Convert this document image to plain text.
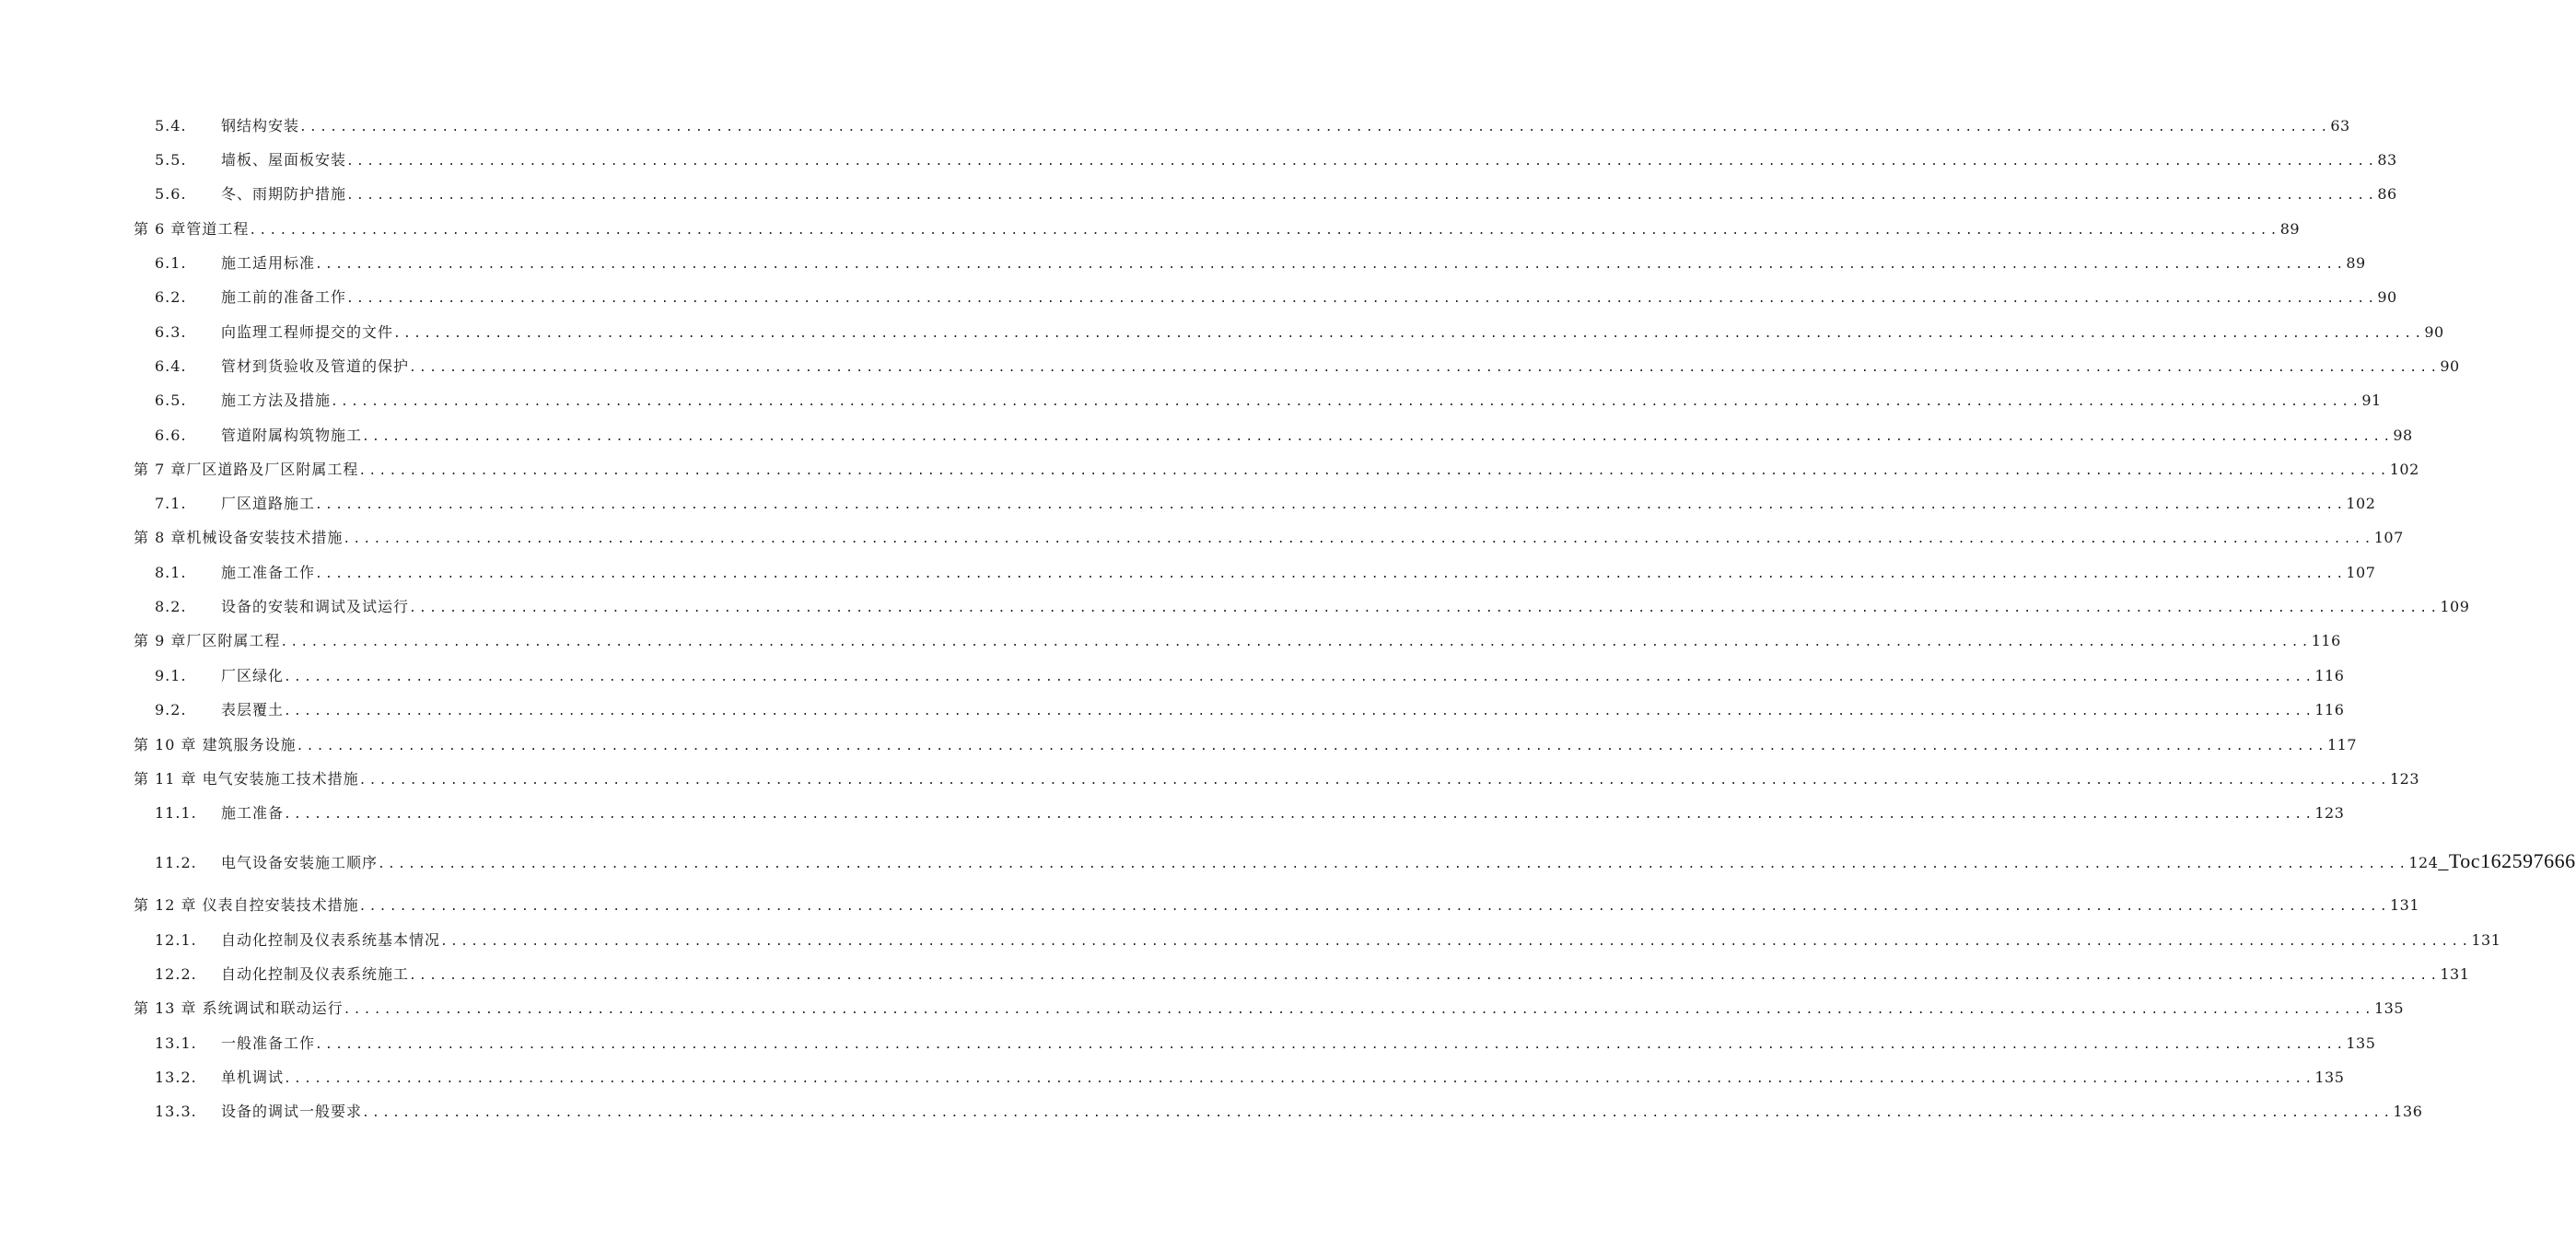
5.4.	钢结构安装 ........................................................................................................................................................................................................ 63
5.5.	墙板、屋面板安装 ........................................................................................................................................................................................................ 83
5.6.	冬、雨期防护措施 ........................................................................................................................................................................................................ 86
第 6 章管道工程 ........................................................................................................................................................................................................ 89
6.1.	施工适用标准 ........................................................................................................................................................................................................ 89
6.2.	施工前的准备工作 ........................................................................................................................................................................................................ 90
6.3.	向监理工程师提交的文件 ........................................................................................................................................................................................................ 90
6.4.	管材到货验收及管道的保护 ........................................................................................................................................................................................................ 90
6.5.	施工方法及措施 ........................................................................................................................................................................................................ 91
6.6.	管道附属构筑物施工 ........................................................................................................................................................................................................ 98
第 7 章厂区道路及厂区附属工程 ........................................................................................................................................................................................................ 102
7.1.	厂区道路施工 ........................................................................................................................................................................................................ 102
第 8 章机械设备安装技术措施 ........................................................................................................................................................................................................ 107
8.1.	施工准备工作 ........................................................................................................................................................................................................ 107
8.2.	设备的安装和调试及试运行 ........................................................................................................................................................................................................ 109
第 9 章厂区附属工程 ........................................................................................................................................................................................................ 116
9.1.	厂区绿化 ........................................................................................................................................................................................................ 116
9.2.	表层覆土 ........................................................................................................................................................................................................ 116
第 10 章 建筑服务设施 ........................................................................................................................................................................................................ 117
第 11 章 电气安装施工技术措施 ........................................................................................................................................................................................................ 123
11.1.	施工准备 ........................................................................................................................................................................................................ 123
11.2.	电气设备安装施工顺序 ........................................................................................................................................................................................................ 124 _Toc162597666
第 12 章 仪表自控安装技术措施 ........................................................................................................................................................................................................ 131
12.1.	自动化控制及仪表系统基本情况 ........................................................................................................................................................................................................ 131
12.2.	自动化控制及仪表系统施工 ........................................................................................................................................................................................................ 131
第 13 章 系统调试和联动运行 ........................................................................................................................................................................................................ 135
13.1.	一般准备工作 ........................................................................................................................................................................................................ 135
13.2.	单机调试 ........................................................................................................................................................................................................ 135
13.3.	设备的调试一般要求 ........................................................................................................................................................................................................ 136
